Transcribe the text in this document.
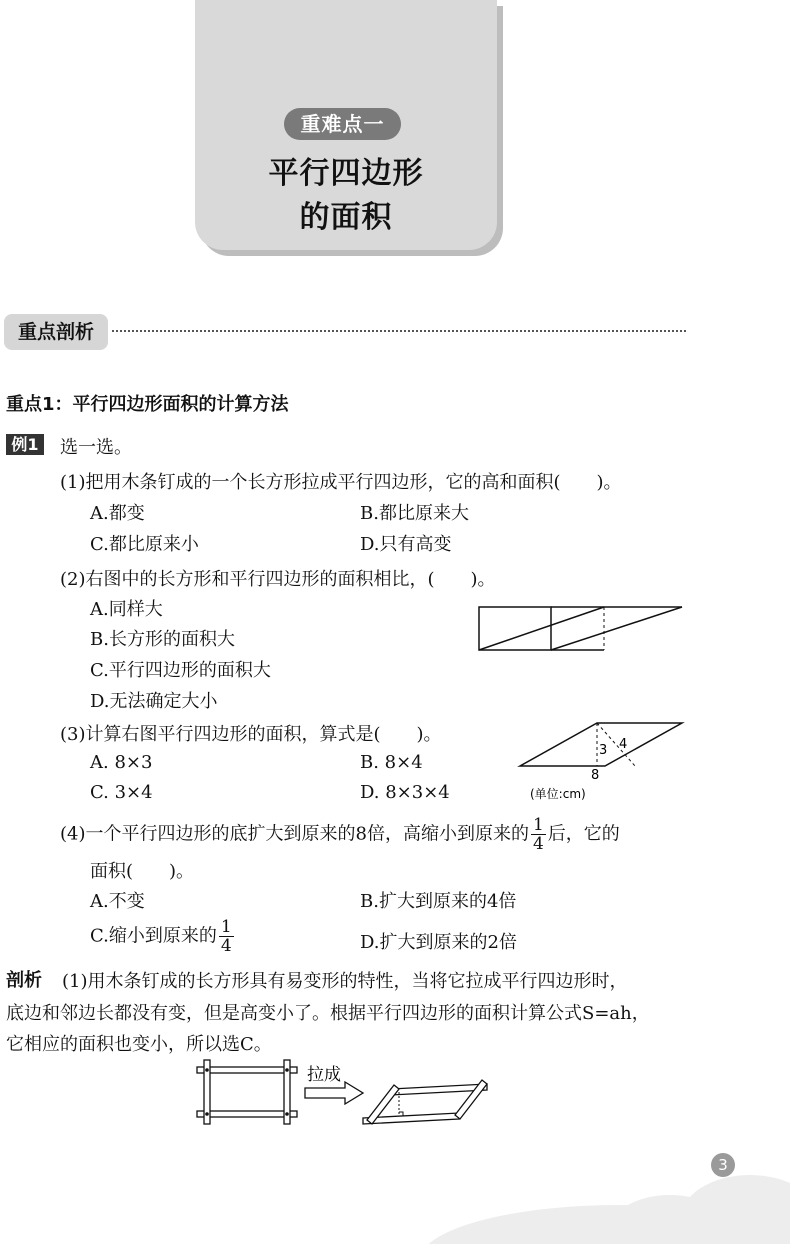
重难点一
平行四边形
的面积
重点剖析
重点1：平行四边形面积的计算方法
例1	选一选。
(1)把用木条钉成的一个长方形拉成平行四边形，它的高和面积(　　)。
A.都变	B.都比原来大
C.都比原来小	D.只有高变
(2)右图中的长方形和平行四边形的面积相比，(　　)。
A.同样大
B.长方形的面积大
C.平行四边形的面积大
D.无法确定大小
(3)计算右图平行四边形的面积，算式是(　　)。
A. 8×3	B. 8×4
C. 3×4	D. 8×3×4
3 4
8
(单位:cm)
(4)一个平行四边形的底扩大到原来的8倍，高缩小到原来的 $\frac{1}{4}$ 后，它的
面积(　　)。
A.不变	B.扩大到原来的4倍
C.缩小到原来的 $\frac{1}{4}$	D.扩大到原来的2倍
剖析 (1)用木条钉成的长方形具有易变形的特性，当将它拉成平行四边形时，
底边和邻边长都没有变，但是高变小了。根据平行四边形的面积计算公式S=ah，
它相应的面积也变小，所以选C。
拉成
3
